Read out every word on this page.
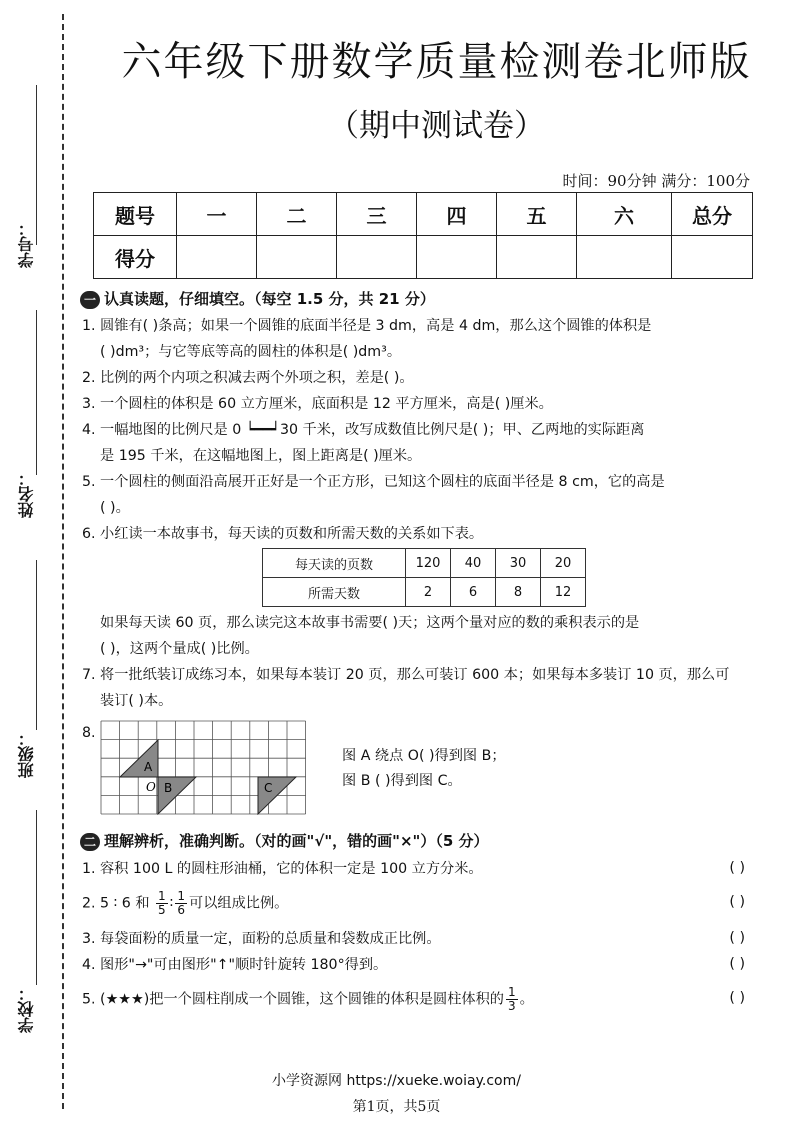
学号：
姓名：
班级：
学校：
六年级下册数学质量检测卷北师版
（期中测试卷）
时间：90分钟 满分：100分
题号	一	二	三	四	五	六	总分
得分							
一 认真读题，仔细填空。（每空 1.5 分，共 21 分）
1. 圆锥有( )条高；如果一个圆锥的底面半径是 3 dm，高是 4 dm，那么这个圆锥的体积是
( )dm³；与它等底等高的圆柱的体积是( )dm³。
2. 比例的两个内项之积减去两个外项之积，差是( )。
3. 一个圆柱的体积是 60 立方厘米，底面积是 12 平方厘米，高是( )厘米。
4. 一幅地图的比例尺是 0 ┕━━┙30 千米，改写成数值比例尺是( )；甲、乙两地的实际距离
是 195 千米，在这幅地图上，图上距离是( )厘米。
5. 一个圆柱的侧面沿高展开正好是一个正方形，已知这个圆柱的底面半径是 8 cm，它的高是
( )。
6. 小红读一本故事书，每天读的页数和所需天数的关系如下表。
每天读的页数	120	40	30	20
所需天数	2	6	8	12
如果每天读 60 页，那么读完这本故事书需要( )天；这两个量对应的数的乘积表示的是
( )，这两个量成( )比例。
7. 将一批纸装订成练习本，如果每本装订 20 页，那么可装订 600 本；如果每本多装订 10 页，那么可
装订( )本。
8.
A
O B	C
图 A 绕点 O( )得到图 B；
图 B ( )得到图 C。
二 理解辨析，准确判断。（对的画"√"，错的画"×"）（5 分）
1. 容积 100 L 的圆柱形油桶，它的体积一定是 100 立方分米。	( )
2. 5 ∶ 6 和 $\frac{1}{5}$ ∶ $\frac{1}{6}$ 可以组成比例。	( )
3. 每袋面粉的质量一定，面粉的总质量和袋数成正比例。	( )
4. 图形"→"可由图形"↑"顺时针旋转 180°得到。	( )
5. (★★★)把一个圆柱削成一个圆锥，这个圆锥的体积是圆柱体积的 $\frac{1}{3}$ 。	( )
小学资源网 https://xueke.woiay.com/
第1页，共5页
